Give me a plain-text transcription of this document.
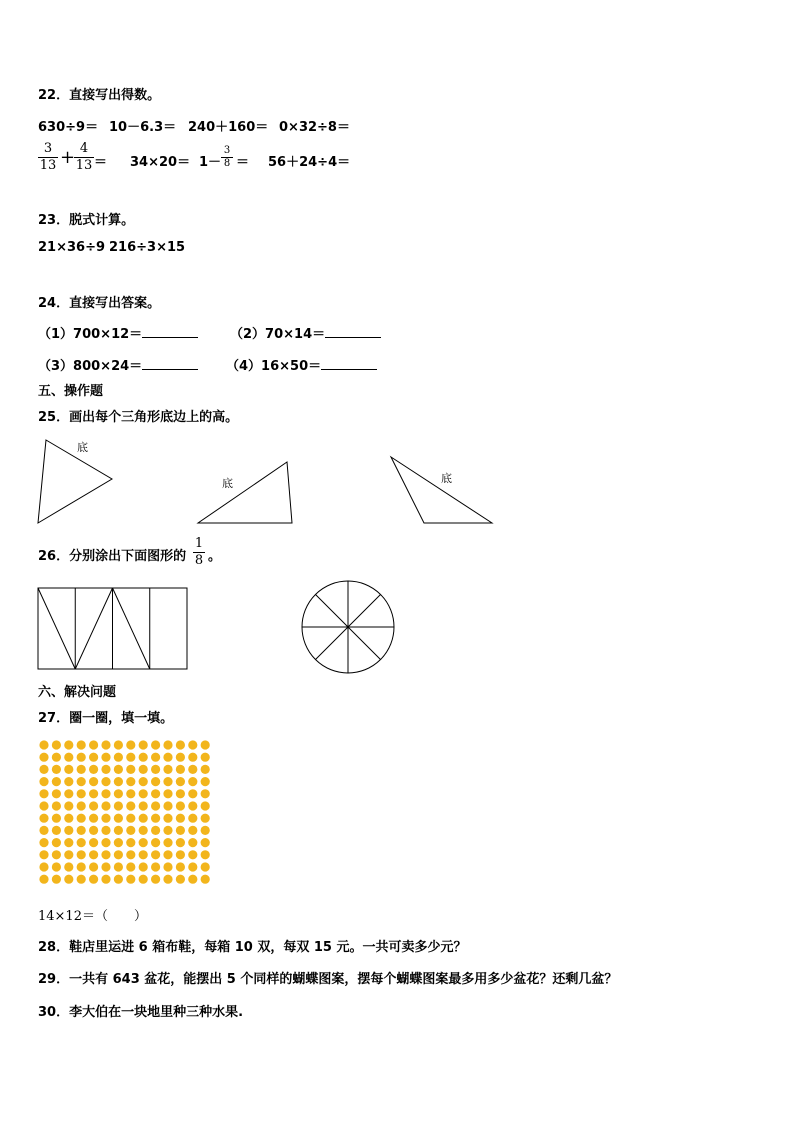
22．直接写出得数。
630÷9＝ 10－6.3＝ 240＋160＝ 0×32÷8＝
3
13 + 4
13 ＝ 34×20＝ 1－
3
8 ＝ 56＋24÷4＝
23．脱式计算。
21×36÷9 216÷3×15
24．直接写出答案。
（1）700×12＝	（2）70×14＝
（3）800×24＝	（4）16×50＝
五、操作题
25．画出每个三角形底边上的高。
底
底	底
26．分别涂出下面图形的
1
8 。
六、解决问题
27．圈一圈，填一填。
14×12＝（　　）
28．鞋店里运进 6 箱布鞋，每箱 10 双，每双 15 元。一共可卖多少元？
29．一共有 643 盆花，能摆出 5 个同样的蝴蝶图案，摆每个蝴蝶图案最多用多少盆花？还剩几盆？
30．李大伯在一块地里种三种水果.
